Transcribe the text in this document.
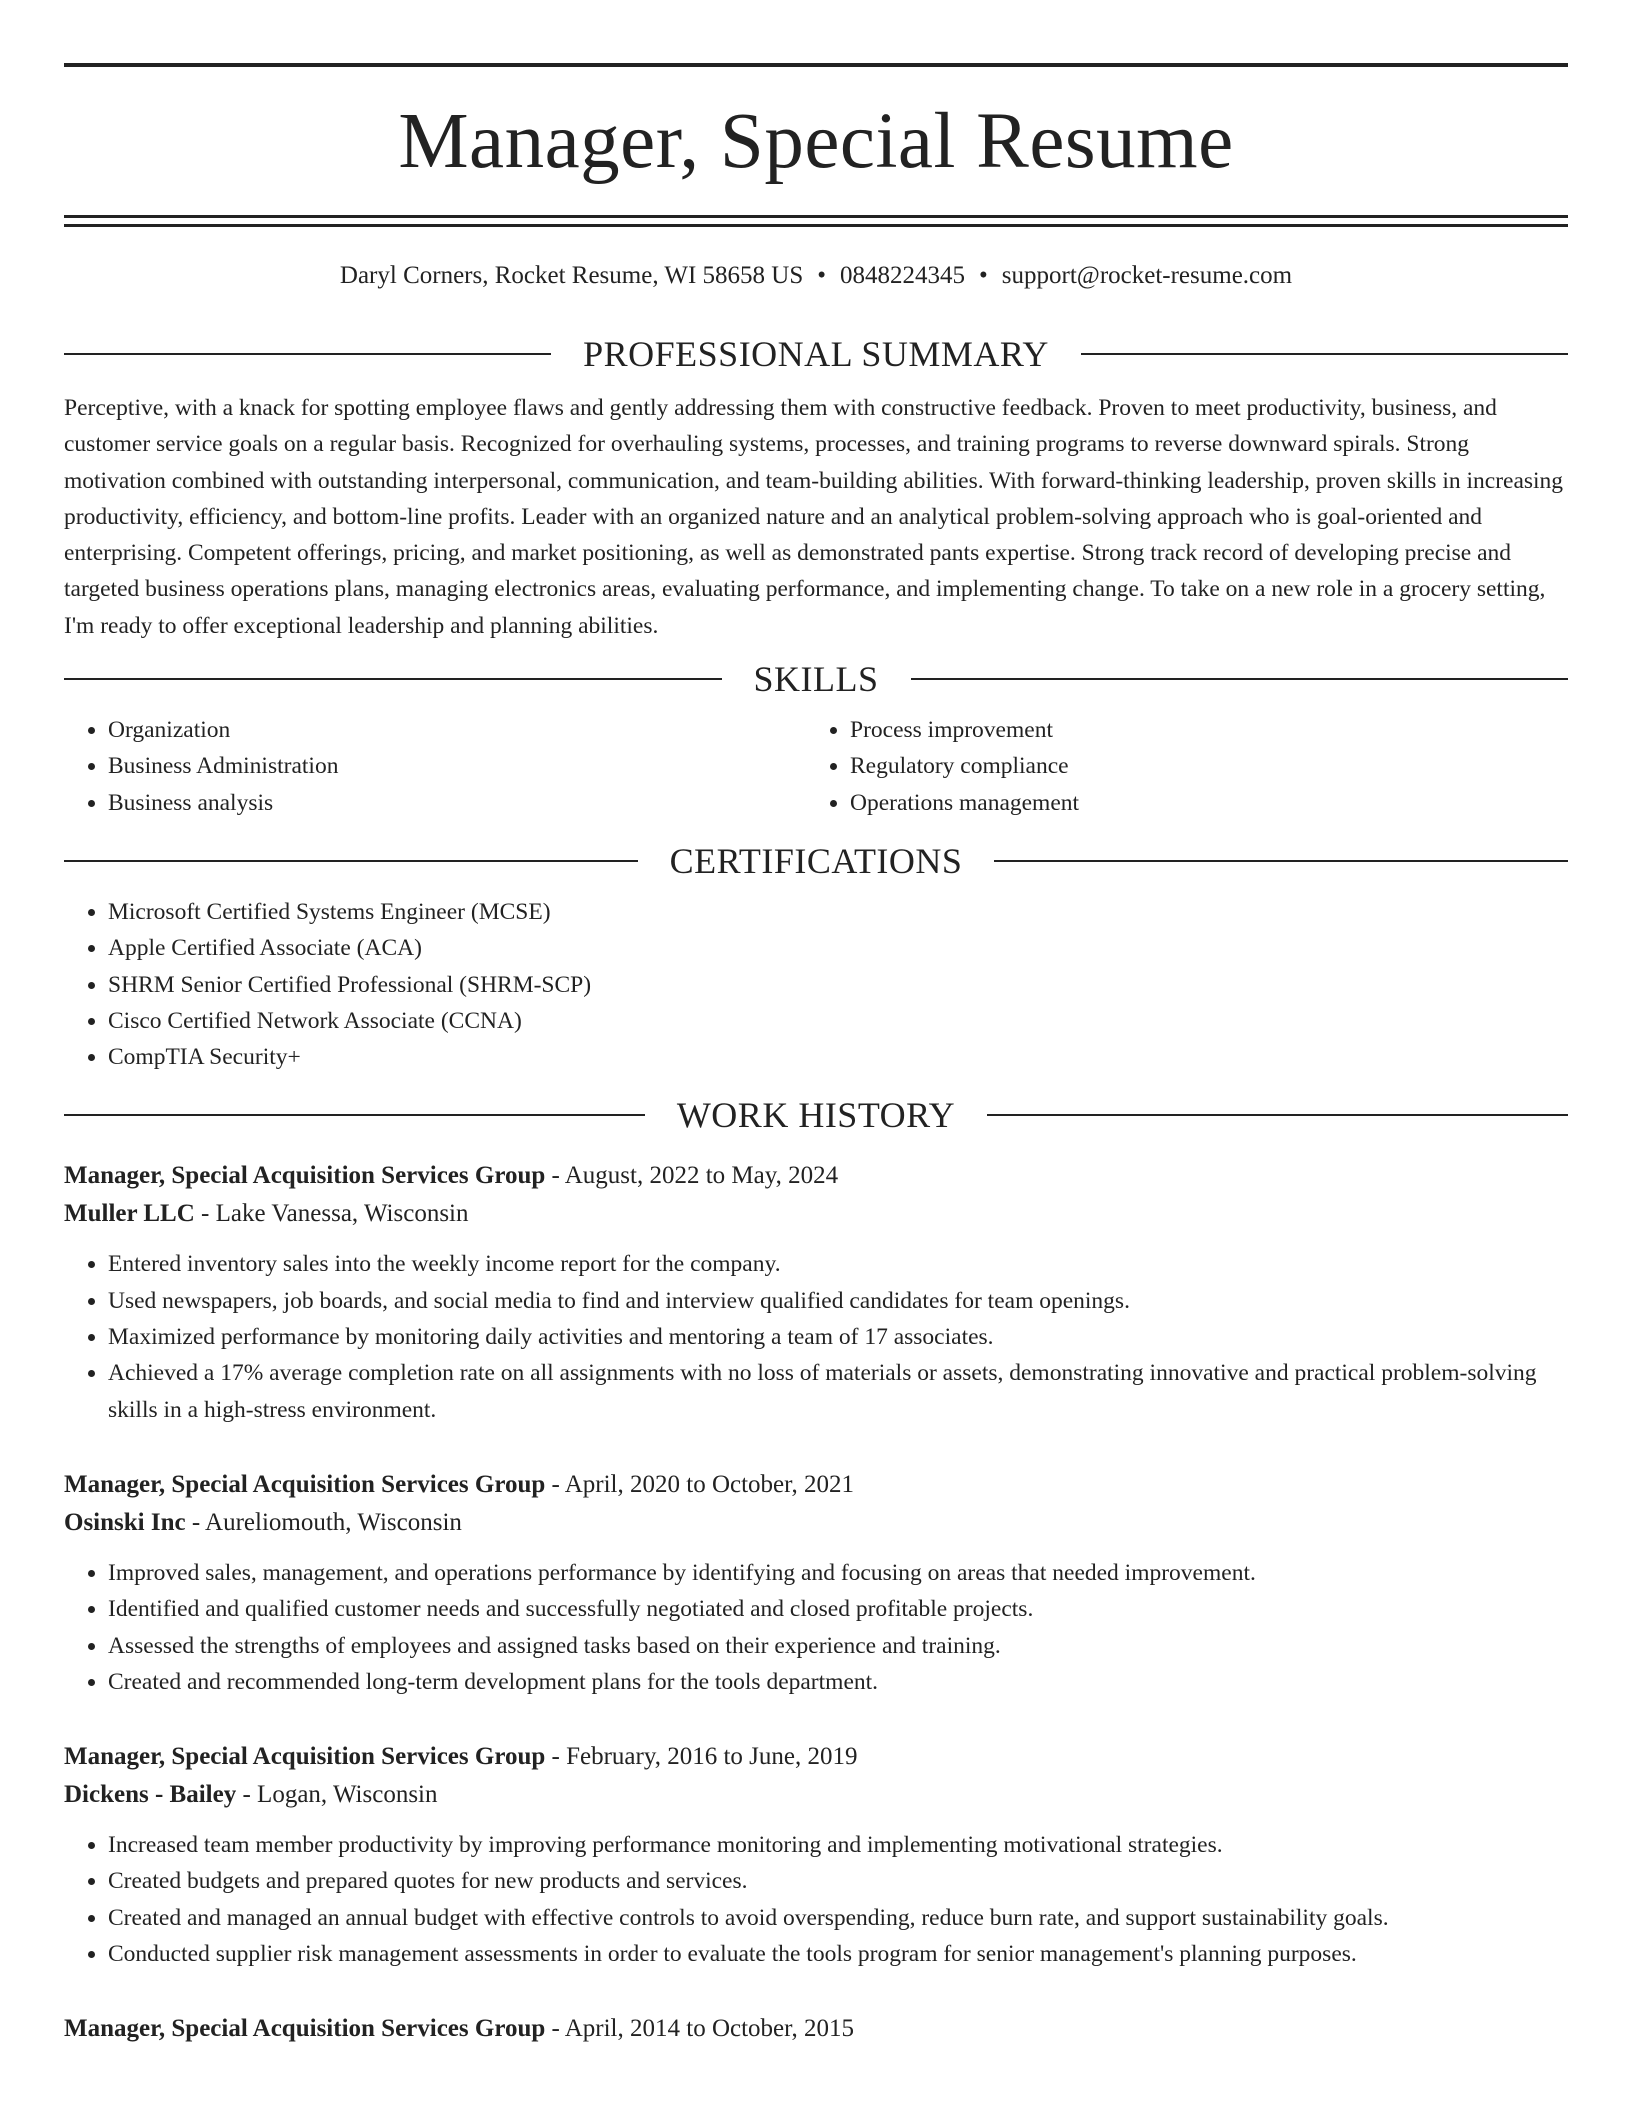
Manager, Special Resume
Daryl Corners, Rocket Resume, WI 58658 US • 0848224345 • support@rocket-resume.com
PROFESSIONAL SUMMARY

Perceptive, with a knack for spotting employee flaws and gently addressing them with constructive feedback. Proven to meet productivity, business, and customer service goals on a regular basis. Recognized for overhauling systems, processes, and training programs to reverse downward spirals. Strong motivation combined with outstanding interpersonal, communication, and team-building abilities. With forward-thinking leadership, proven skills in increasing productivity, efficiency, and bottom-line profits. Leader with an organized nature and an analytical problem-solving approach who is goal-oriented and enterprising. Competent offerings, pricing, and market positioning, as well as demonstrated pants expertise. Strong track record of developing precise and targeted business operations plans, managing electronics areas, evaluating performance, and implementing change. To take on a new role in a grocery setting, I'm ready to offer exceptional leadership and planning abilities.

SKILLS
• Organization
• Business Administration
• Business analysis
• Process improvement
• Regulatory compliance
• Operations management
CERTIFICATIONS
• Microsoft Certified Systems Engineer (MCSE)
• Apple Certified Associate (ACA)
• SHRM Senior Certified Professional (SHRM-SCP)
• Cisco Certified Network Associate (CCNA)
• CompTIA Security+
WORK HISTORY
Manager, Special Acquisition Services Group - August, 2022 to May, 2024
Muller LLC - Lake Vanessa, Wisconsin
• Entered inventory sales into the weekly income report for the company.
• Used newspapers, job boards, and social media to find and interview qualified candidates for team openings.
• Maximized performance by monitoring daily activities and mentoring a team of 17 associates.
• Achieved a 17% average completion rate on all assignments with no loss of materials or assets, demonstrating innovative and practical problem-solving skills in a high-stress environment.
Manager, Special Acquisition Services Group - April, 2020 to October, 2021
Osinski Inc - Aureliomouth, Wisconsin
• Improved sales, management, and operations performance by identifying and focusing on areas that needed improvement.
• Identified and qualified customer needs and successfully negotiated and closed profitable projects.
• Assessed the strengths of employees and assigned tasks based on their experience and training.
• Created and recommended long-term development plans for the tools department.
Manager, Special Acquisition Services Group - February, 2016 to June, 2019
Dickens - Bailey - Logan, Wisconsin
• Increased team member productivity by improving performance monitoring and implementing motivational strategies.
• Created budgets and prepared quotes for new products and services.
• Created and managed an annual budget with effective controls to avoid overspending, reduce burn rate, and support sustainability goals.
• Conducted supplier risk management assessments in order to evaluate the tools program for senior management's planning purposes.
Manager, Special Acquisition Services Group - April, 2014 to October, 2015
